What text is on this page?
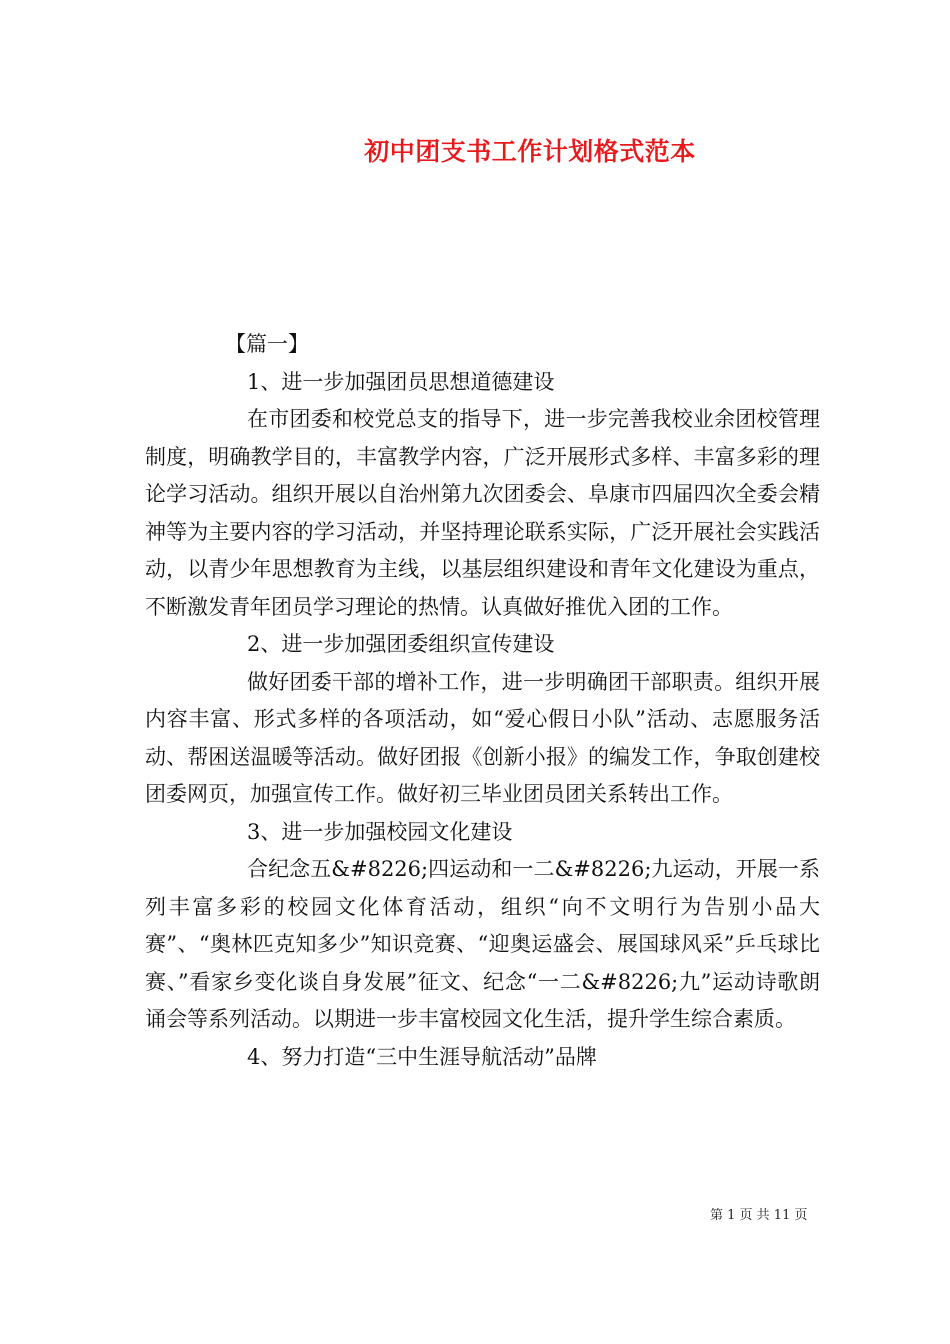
初中团支书工作计划格式范本

【篇一】

1、进一步加强团员思想道德建设

在市团委和校党总支的指导下，进一步完善我校业余团校管理制度，明确教学目的，丰富教学内容，广泛开展形式多样、丰富多彩的理论学习活动。组织开展以自治州第九次团委会、阜康市四届四次全委会精神等为主要内容的学习活动，并坚持理论联系实际，广泛开展社会实践活动，以青少年思想教育为主线，以基层组织建设和青年文化建设为重点，不断激发青年团员学习理论的热情。认真做好推优入团的工作。

2、进一步加强团委组织宣传建设

做好团委干部的增补工作，进一步明确团干部职责。组织开展内容丰富、形式多样的各项活动，如“爱心假日小队”活动、志愿服务活动、帮困送温暖等活动。做好团报《创新小报》的编发工作，争取创建校团委网页，加强宣传工作。做好初三毕业团员团关系转出工作。

3、进一步加强校园文化建设

合纪念五&#8226;四运动和一二&#8226;九运动，开展一系列丰富多彩的校园文化体育活动，组织“向不文明行为告别小品大赛”、“奥林匹克知多少”知识竞赛、“迎奥运盛会、展国球风采”乒乓球比赛、”看家乡变化谈自身发展”征文、纪念“一二&#8226;九”运动诗歌朗诵会等系列活动。以期进一步丰富校园文化生活，提升学生综合素质。

4、努力打造“三中生涯导航活动”品牌

第 1 页 共 11 页
